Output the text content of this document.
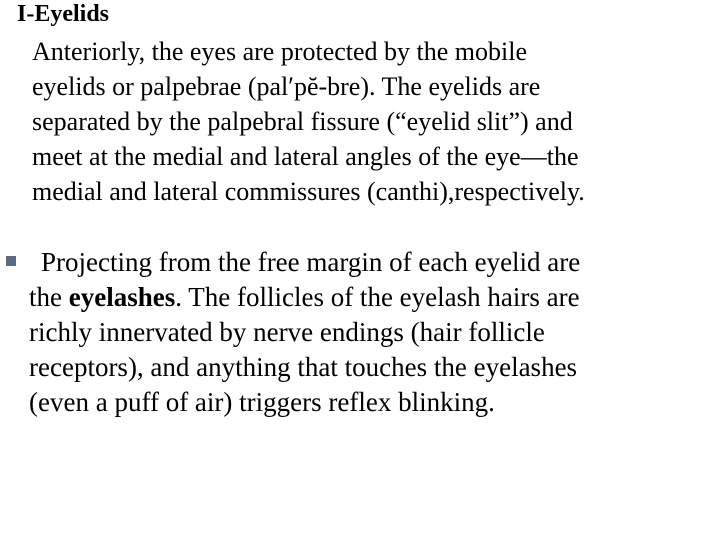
I-Eyelids
Anteriorly, the eyes are protected by the mobile
eyelids or palpebrae (pal′pĕ-bre). The eyelids are
separated by the palpebral fissure (“eyelid slit”) and
meet at the medial and lateral angles of the eye—the
medial and lateral commissures (canthi),respectively.
Projecting from the free margin of each eyelid are
the eyelashes. The follicles of the eyelash hairs are
richly innervated by nerve endings (hair follicle
receptors), and anything that touches the eyelashes
(even a puff of air) triggers reflex blinking.
